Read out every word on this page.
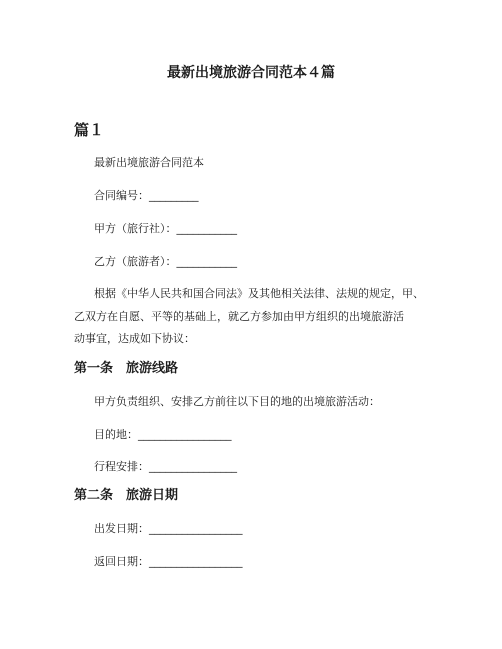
最新出境旅游合同范本４篇
篇１
最新出境旅游合同范本
合同编号：_________
甲方（旅行社）：___________
乙方（旅游者）：___________
根据《中华人民共和国合同法》及其他相关法律、法规的规定，甲、
乙双方在自愿、平等的基础上，就乙方参加由甲方组织的出境旅游活
动事宜，达成如下协议：
第一条　旅游线路
甲方负责组织、安排乙方前往以下目的地的出境旅游活动：
目的地：_________________
行程安排：________________
第二条　旅游日期
出发日期：_________________
返回日期：_________________
